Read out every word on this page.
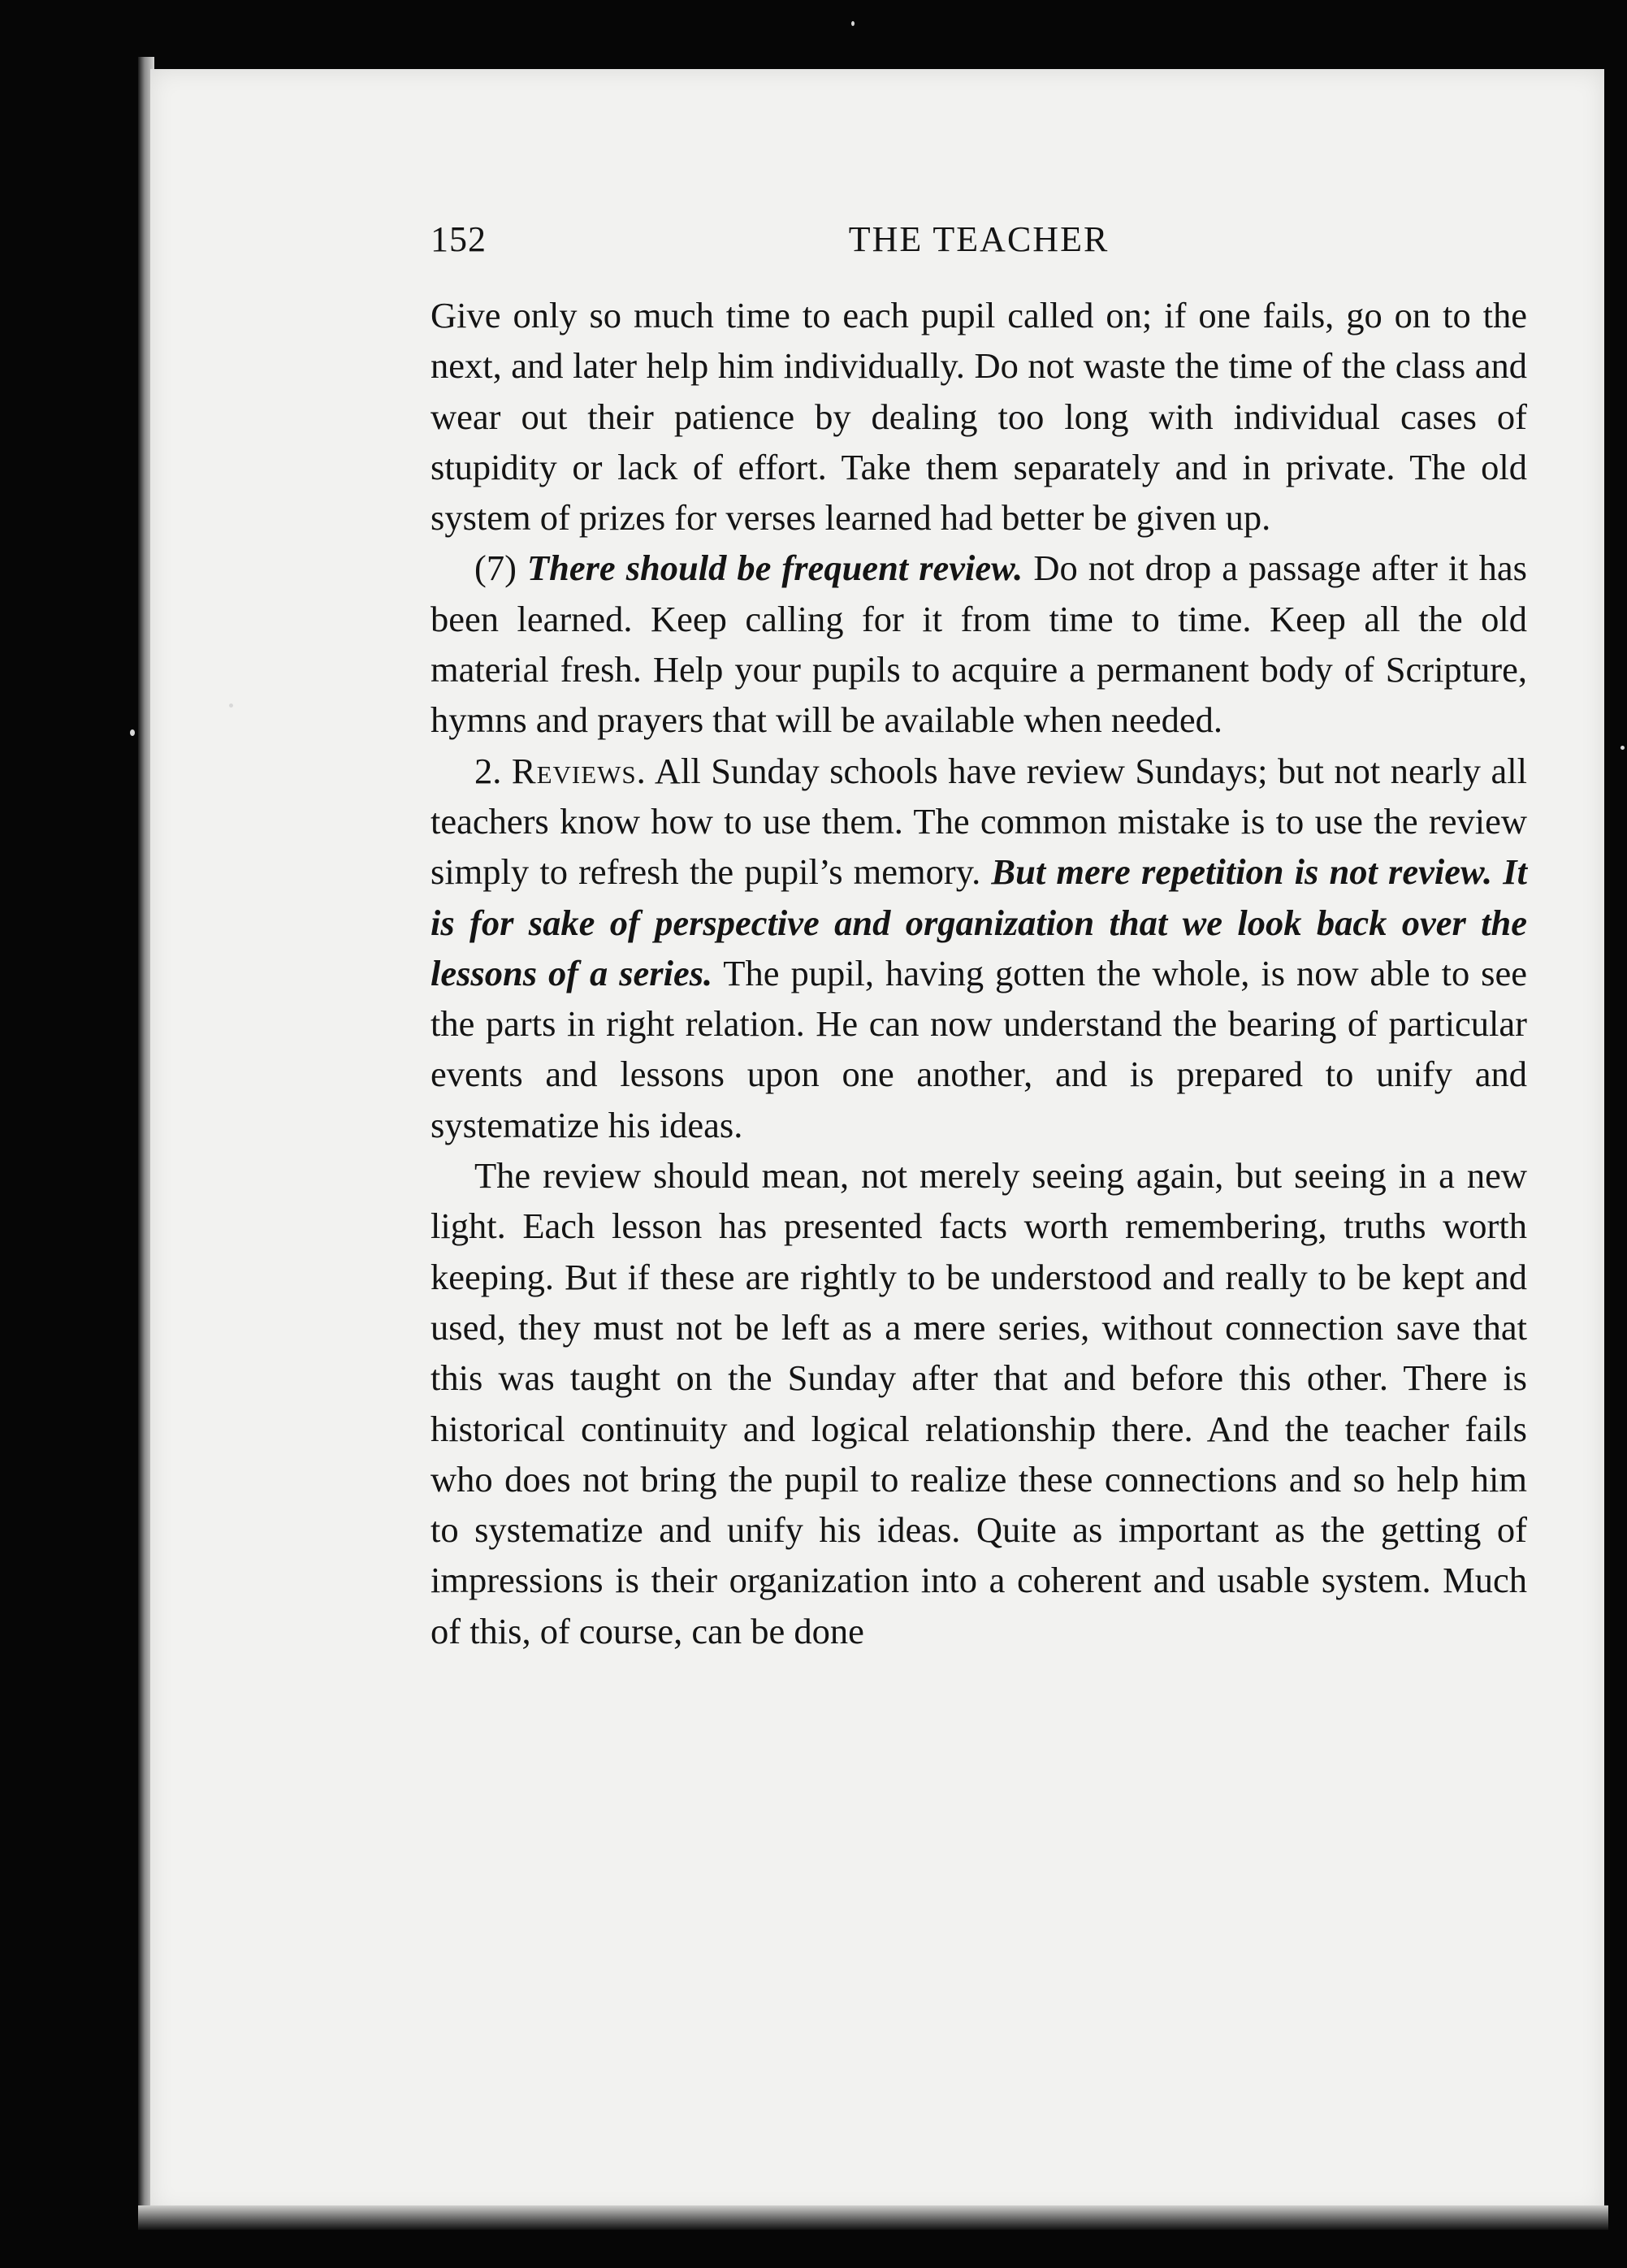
152	THE TEACHER

Give only so much time to each pupil called on; if one fails, go on to the next, and later help him individually. Do not waste the time of the class and wear out their patience by dealing too long with individual cases of stupidity or lack of effort. Take them separately and in private. The old system of prizes for verses learned had better be given up.

(7) There should be frequent review. Do not drop a passage after it has been learned. Keep calling for it from time to time. Keep all the old material fresh. Help your pupils to acquire a permanent body of Scripture, hymns and prayers that will be available when needed.

2. Reviews. All Sunday schools have review Sundays; but not nearly all teachers know how to use them. The common mistake is to use the review simply to refresh the pupil’s memory. But mere repetition is not review. It is for sake of perspective and organization that we look back over the lessons of a series. The pupil, having gotten the whole, is now able to see the parts in right relation. He can now understand the bearing of particular events and lessons upon one another, and is prepared to unify and systematize his ideas.

The review should mean, not merely seeing again, but seeing in a new light. Each lesson has presented facts worth remembering, truths worth keeping. But if these are rightly to be understood and really to be kept and used, they must not be left as a mere series, without connection save that this was taught on the Sunday after that and before this other. There is historical continuity and logical relationship there. And the teacher fails who does not bring the pupil to realize these connections and so help him to systematize and unify his ideas. Quite as important as the getting of impressions is their organization into a coherent and usable system. Much of this, of course, can be done
